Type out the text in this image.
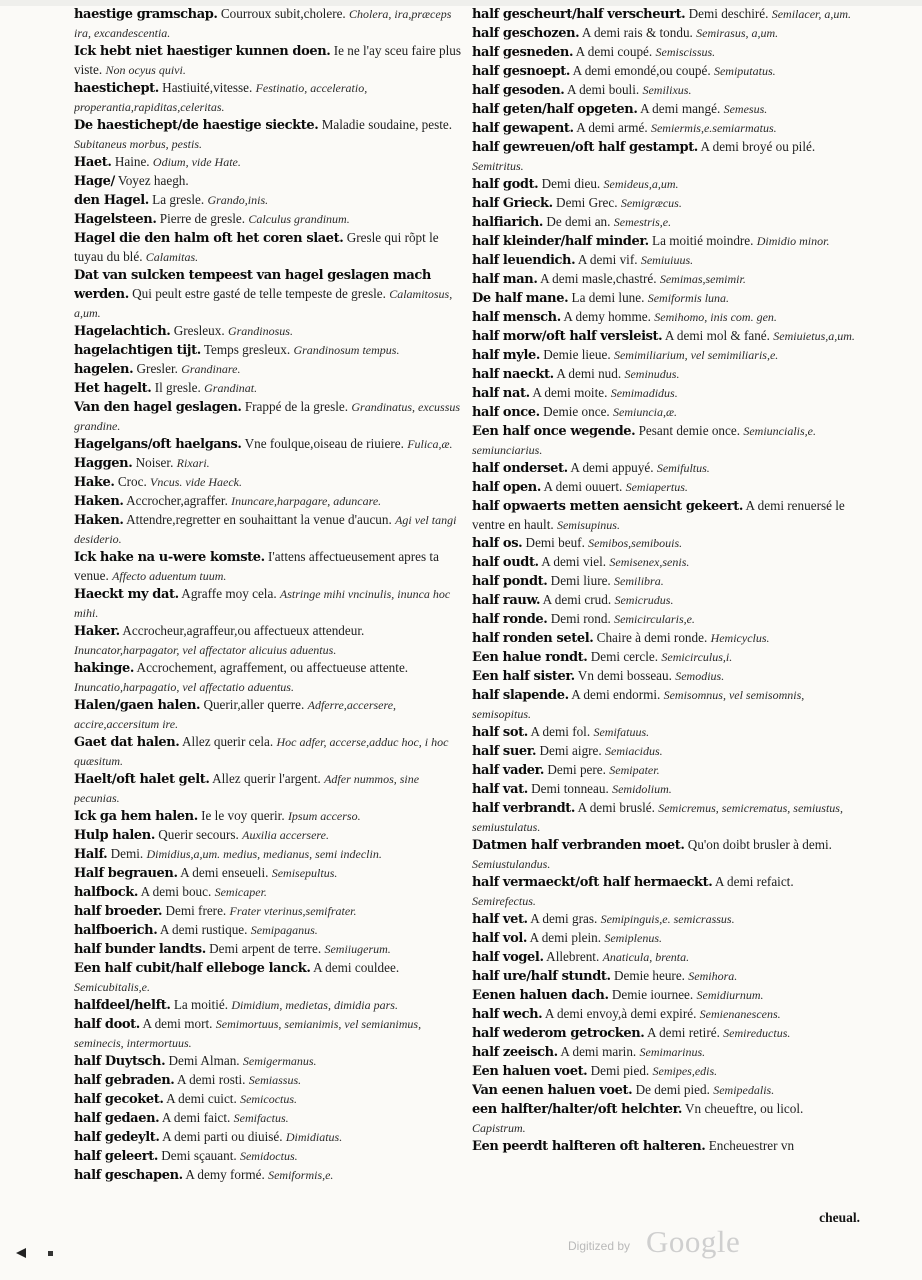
haestige gramschap. Courroux subit,cholere. Cholera, ira,præceps ira, excandescentia.

Ick hebt niet haestiger kunnen doen. Ie ne l'ay sceu faire plus viste. Non ocyus quivi.

haestichept. Hastiuité,vitesse. Festinatio, acceleratio, properantia,rapiditas,celeritas.

De haestichept/de haestige sieckte. Maladie soudaine, peste. Subitaneus morbus, pestis.

Haet. Haine. Odium, vide Hate.

Hage/ Voyez haegh.

den Hagel. La gresle. Grando,inis.

Hagelsteen. Pierre de gresle. Calculus grandinum.

Hagel die den halm oft het coren slaet. Gresle qui rõpt le tuyau du blé. Calamitas.

Dat van sulcken tempeest van hagel geslagen mach werden. Qui peult estre gasté de telle tempeste de gresle. Calamitosus, a,um.

Hagelachtich. Gresleux. Grandinosus.

hagelachtigen tijt. Temps gresleux. Grandinosum tempus.

hagelen. Gresler. Grandinare.

Het hagelt. Il gresle. Grandinat.

Van den hagel geslagen. Frappé de la gresle. Grandinatus, excussus grandine.

Hagelgans/oft haelgans. Vne foulque,oiseau de riuiere. Fulica,æ.

Haggen. Noiser. Rixari.

Hake. Croc. Vncus. vide Haeck.

Haken. Accrocher,agraffer. Inuncare,harpagare, aduncare.

Haken. Attendre,regretter en souhaittant la venue d'aucun. Agi vel tangi desiderio.

Ick hake na u-were komste. I'attens affectueusement apres ta venue. Affecto aduentum tuum.

Haeckt my dat. Agraffe moy cela. Astringe mihi vncinulis, inunca hoc mihi.

Haker. Accrocheur,agraffeur,ou affectueux attendeur. Inuncator,harpagator, vel affectator alicuius aduentus.

hakinge. Accrochement, agraffement, ou affectueuse attente. Inuncatio,harpagatio, vel affectatio aduentus.

Halen/gaen halen. Querir,aller querre. Adferre,accersere, accire,accersitum ire.

Gaet dat halen. Allez querir cela. Hoc adfer, accerse,adduc hoc, i hoc quæsitum.

Haelt/oft halet gelt. Allez querir l'argent. Adfer nummos, sine pecunias.

Ick ga hem halen. Ie le voy querir. Ipsum accerso.

Hulp halen. Querir secours. Auxilia accersere.

Half. Demi. Dimidius,a,um. medius, medianus, semi indeclin.

Half begrauen. A demi enseueli. Semisepultus.

halfbock. A demi bouc. Semicaper.

half broeder. Demi frere. Frater vterinus,semifrater.

halfboerich. A demi rustique. Semipaganus.

half bunder landts. Demi arpent de terre. Semiiugerum.

Een half cubit/half elleboge lanck. A demi couldee. Semicubitalis,e.

halfdeel/helft. La moitié. Dimidium, medietas, dimidia pars.

half doot. A demi mort. Semimortuus, semianimis, vel semianimus, seminecis, intermortuus.

half Duytsch. Demi Alman. Semigermanus.

half gebraden. A demi rosti. Semiassus.

half gecoket. A demi cuict. Semicoctus.

half gedaen. A demi faict. Semifactus.

half gedeylt. A demi parti ou diuisé. Dimidiatus.

half geleert. Demi sçauant. Semidoctus.

half geschapen. A demy formé. Semiformis,e.

half gescheurt/half verscheurt. Demi deschiré. Semilacer, a,um.

half geschozen. A demi rais & tondu. Semirasus, a,um.

half gesneden. A demi coupé. Semiscissus.

half gesnoept. A demi emondé,ou coupé. Semiputatus.

half gesoden. A demi bouli. Semilixus.

half geten/half opgeten. A demi mangé. Semesus.

half gewapent. A demi armé. Semiermis,e.semiarmatus.

half gewreuen/oft half gestampt. A demi broyé ou pilé. Semitritus.

half godt. Demi dieu. Semideus,a,um.

half Grieck. Demi Grec. Semigræcus.

halfiarich. De demi an. Semestris,e.

half kleinder/half minder. La moitié moindre. Dimidio minor.

half leuendich. A demi vif. Semiuiuus.

half man. A demi masle,chastré. Semimas,semimir.

De half mane. La demi lune. Semiformis luna.

half mensch. A demy homme. Semihomo, inis com. gen.

half morw/oft half versleist. A demi mol & fané. Semiuietus,a,um.

half myle. Demie lieue. Semimiliarium, vel semimiliaris,e.

half naeckt. A demi nud. Seminudus.

half nat. A demi moite. Semimadidus.

half once. Demie once. Semiuncia,æ.

Een half once wegende. Pesant demie once. Semiuncialis,e. semiunciarius.

half onderset. A demi appuyé. Semifultus.

half open. A demi ouuert. Semiapertus.

half opwaerts metten aensicht gekeert. A demi renuersé le ventre en hault. Semisupinus.

half os. Demi beuf. Semibos,semibouis.

half oudt. A demi viel. Semisenex,senis.

half pondt. Demi liure. Semilibra.

half rauw. A demi crud. Semicrudus.

half ronde. Demi rond. Semicircularis,e.

half ronden setel. Chaire à demi ronde. Hemicyclus.

Een halue rondt. Demi cercle. Semicirculus,i.

Een half sister. Vn demi bosseau. Semodius.

half slapende. A demi endormi. Semisomnus, vel semisomnis, semisopitus.

half sot. A demi fol. Semifatuus.

half suer. Demi aigre. Semiacidus.

half vader. Demi pere. Semipater.

half vat. Demi tonneau. Semidolium.

half verbrandt. A demi bruslé. Semicremus, semicrematus, semiustus, semiustulatus.

Datmen half verbranden moet. Qu'on doibt brusler à demi. Semiustulandus.

half vermaeckt/oft half hermaeckt. A demi refaict. Semirefectus.

half vet. A demi gras. Semipinguis,e. semicrassus.

half vol. A demi plein. Semiplenus.

half vogel. Allebrent. Anaticula, brenta.

half ure/half stundt. Demie heure. Semihora.

Eenen haluen dach. Demie iournee. Semidiurnum.

half wech. A demi envoy,à demi expiré. Semienanescens.

half wederom getrocken. A demi retiré. Semireductus.

half zeeisch. A demi marin. Semimarinus.

Een haluen voet. Demi pied. Semipes,edis.

Van eenen haluen voet. De demi pied. Semipedalis.

een halfter/halter/oft helchter. Vn cheueftre, ou licol. Capistrum.

Een peerdt halfteren oft halteren. Encheuestrer vn

cheual.
Digitized by Google
